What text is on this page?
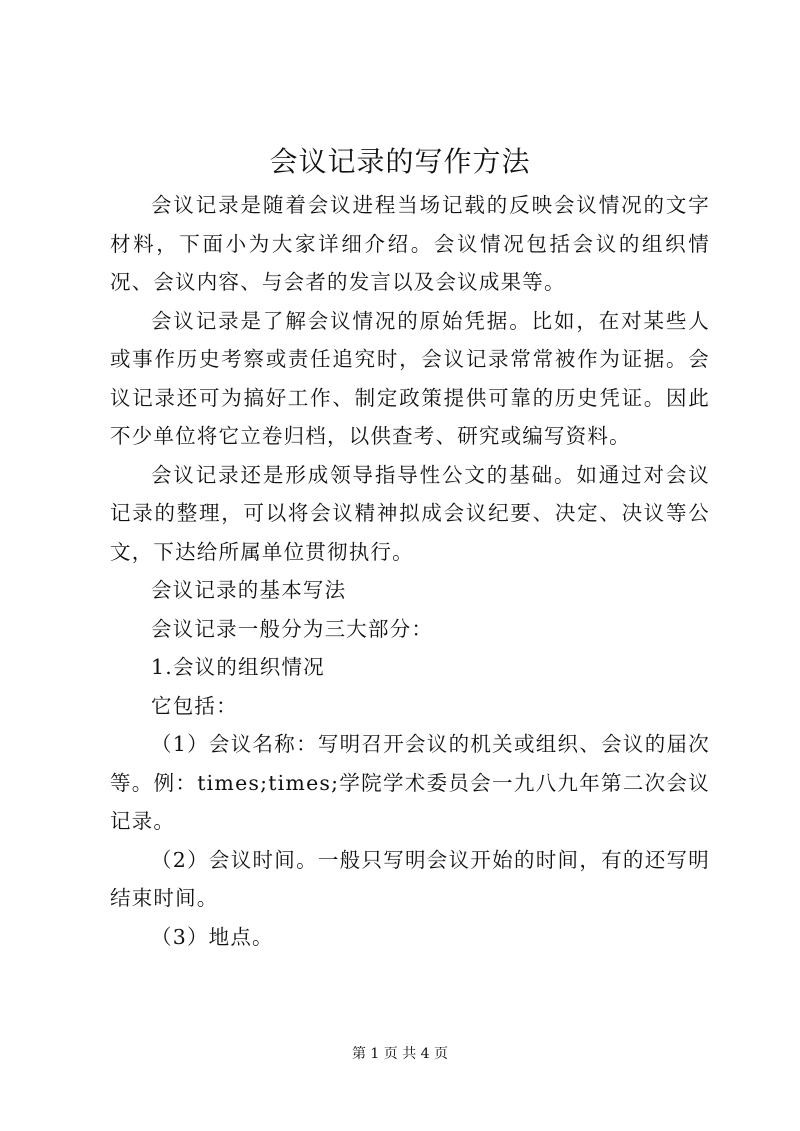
会议记录的写作方法

会议记录是随着会议进程当场记载的反映会议情况的文字材料，下面小为大家详细介绍。会议情况包括会议的组织情况、会议内容、与会者的发言以及会议成果等。

会议记录是了解会议情况的原始凭据。比如，在对某些人或事作历史考察或责任追究时，会议记录常常被作为证据。会议记录还可为搞好工作、制定政策提供可靠的历史凭证。因此不少单位将它立卷归档，以供查考、研究或编写资料。

会议记录还是形成领导指导性公文的基础。如通过对会议记录的整理，可以将会议精神拟成会议纪要、决定、决议等公文，下达给所属单位贯彻执行。

会议记录的基本写法

会议记录一般分为三大部分：

1.会议的组织情况

它包括：

（1）会议名称：写明召开会议的机关或组织、会议的届次等。例：times;times;学院学术委员会一九八九年第二次会议记录。

（2）会议时间。一般只写明会议开始的时间，有的还写明结束时间。

（3）地点。

第 1 页 共 4 页
